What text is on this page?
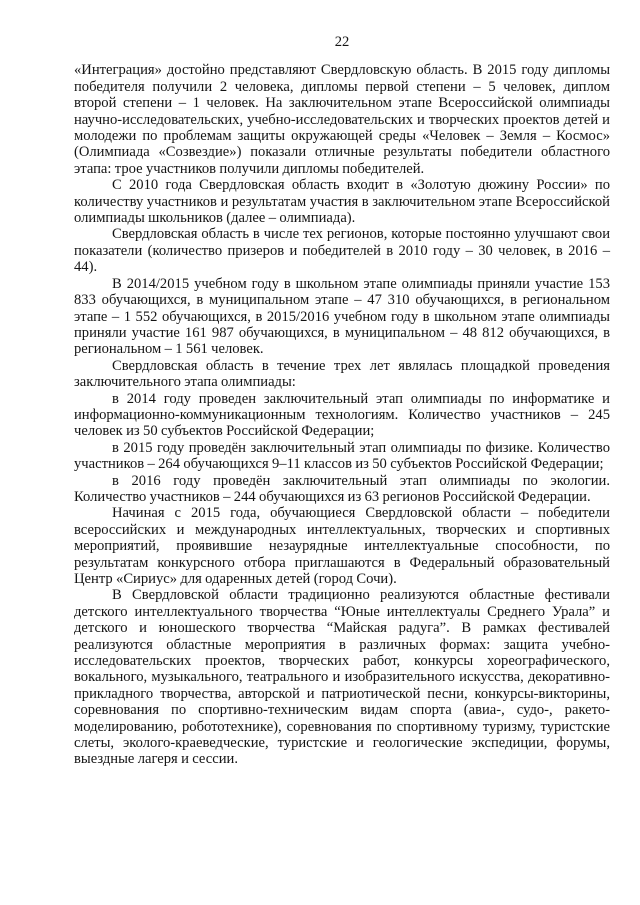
22

«Интеграция» достойно представляют Свердловскую область. В 2015 году дипломы победителя получили 2 человека, дипломы первой степени – 5 человек, диплом второй степени – 1 человек. На заключительном этапе Всероссийской олимпиады научно-исследовательских, учебно-исследовательских и творческих проектов детей и молодежи по проблемам защиты окружающей среды «Человек – Земля – Космос» (Олимпиада «Созвездие») показали отличные результаты победители областного этапа: трое участников получили дипломы победителей.

С 2010 года Свердловская область входит в «Золотую дюжину России» по количеству участников и результатам участия в заключительном этапе Всероссийской олимпиады школьников (далее – олимпиада).

Свердловская область в числе тех регионов, которые постоянно улучшают свои показатели (количество призеров и победителей в 2010 году – 30 человек, в 2016 – 44).

В 2014/2015 учебном году в школьном этапе олимпиады приняли участие 153 833 обучающихся, в муниципальном этапе – 47 310 обучающихся, в региональном этапе – 1 552 обучающихся, в 2015/2016 учебном году в школьном этапе олимпиады приняли участие 161 987 обучающихся, в муниципальном – 48 812 обучающихся, в региональном – 1 561 человек.

Свердловская область в течение трех лет являлась площадкой проведения заключительного этапа олимпиады:

в 2014 году проведен заключительный этап олимпиады по информатике и информационно-коммуникационным технологиям. Количество участников – 245 человек из 50 субъектов Российской Федерации;

в 2015 году проведён заключительный этап олимпиады по физике. Количество участников – 264 обучающихся 9–11 классов из 50 субъектов Российской Федерации;

в 2016 году проведён заключительный этап олимпиады по экологии. Количество участников – 244 обучающихся из 63 регионов Российской Федерации.

Начиная с 2015 года, обучающиеся Свердловской области – победители всероссийских и международных интеллектуальных, творческих и спортивных мероприятий, проявившие незаурядные интеллектуальные способности, по результатам конкурсного отбора приглашаются в Федеральный образовательный Центр «Сириус» для одаренных детей (город Сочи).

В Свердловской области традиционно реализуются областные фестивали детского интеллектуального творчества “Юные интеллектуалы Среднего Урала” и детского и юношеского творчества “Майская радуга”. В рамках фестивалей реализуются областные мероприятия в различных формах: защита учебно-исследовательских проектов, творческих работ, конкурсы хореографического, вокального, музыкального, театрального и изобразительного искусства, декоративно-прикладного творчества, авторской и патриотической песни, конкурсы-викторины, соревнования по спортивно-техническим видам спорта (авиа-, судо-, ракето- моделированию, робототехнике), соревнования по спортивному туризму, туристские слеты, эколого-краеведческие, туристские и геологические экспедиции, форумы, выездные лагеря и сессии.
